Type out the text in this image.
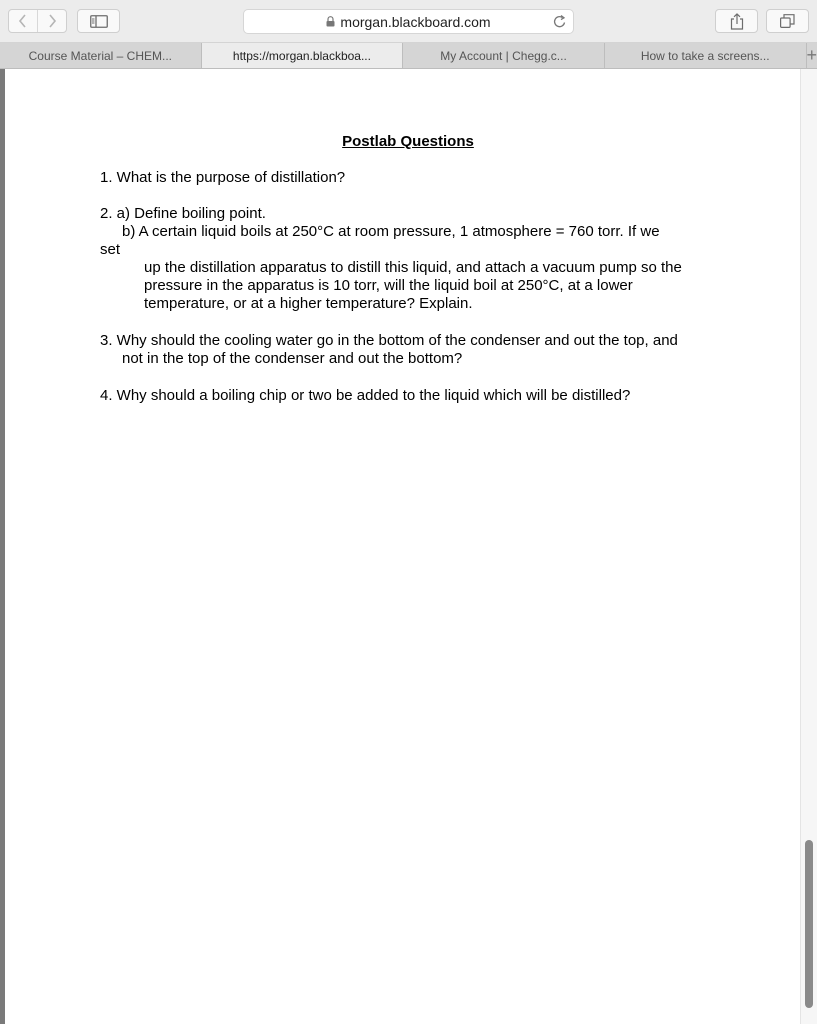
morgan.blackboard.com
Course Material – CHEM...	https://morgan.blackboa...	My Account | Chegg.c...	How to take a screens...	+
Postlab Questions
1. What is the purpose of distillation?
2. a) Define boiling point.
b) A certain liquid boils at 250°C at room pressure, 1 atmosphere = 760 torr. If we
set
up the distillation apparatus to distill this liquid, and attach a vacuum pump so the
pressure in the apparatus is 10 torr, will the liquid boil at 250°C, at a lower
temperature, or at a higher temperature? Explain.
3. Why should the cooling water go in the bottom of the condenser and out the top, and
not in the top of the condenser and out the bottom?
4. Why should a boiling chip or two be added to the liquid which will be distilled?
